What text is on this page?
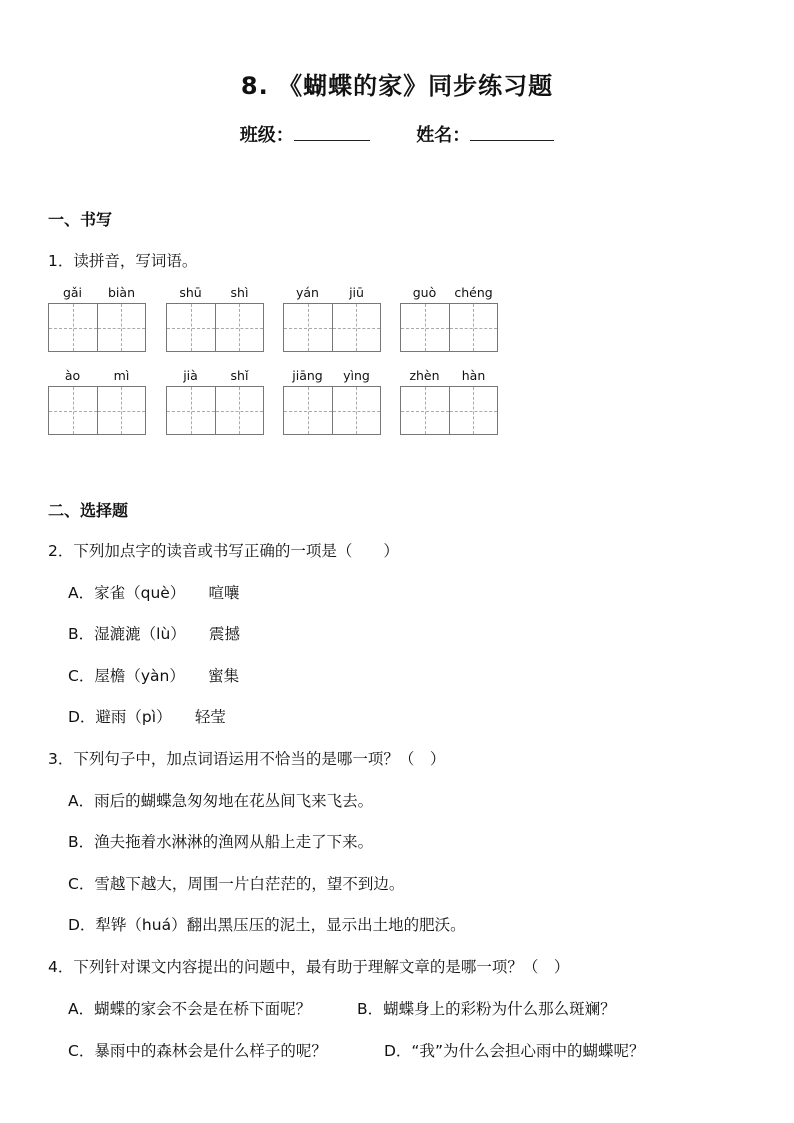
8. 《蝴蝶的家》同步练习题
班级：	姓名：
一、书写
1．读拼音，写词语。
gǎi	biàn	shū	shì	yán	jiū	guò	chéng
ào	mì	jià	shǐ	jiāng	yìng	zhèn	hàn
二、选择题
2．下列加点字的读音或书写正确的一项是（　　）
A．家雀（què）　　喧嚷
B．湿漉漉（lù）　　震撼
C．屋檐（yàn）　　蜜集
D．避雨（pì）　　轻莹
3．下列句子中，加点词语运用不恰当的是哪一项？（　）
A．雨后的蝴蝶急匆匆地在花丛间飞来飞去。
B．渔夫拖着水淋淋的渔网从船上走了下来。
C．雪越下越大，周围一片白茫茫的，望不到边。
D．犁铧（huá）翻出黑压压的泥土，显示出土地的肥沃。
4．下列针对课文内容提出的问题中，最有助于理解文章的是哪一项？（　）
A．蝴蝶的家会不会是在桥下面呢？	B．蝴蝶身上的彩粉为什么那么斑斓？
C．暴雨中的森林会是什么样子的呢？	D．“我”为什么会担心雨中的蝴蝶呢？
